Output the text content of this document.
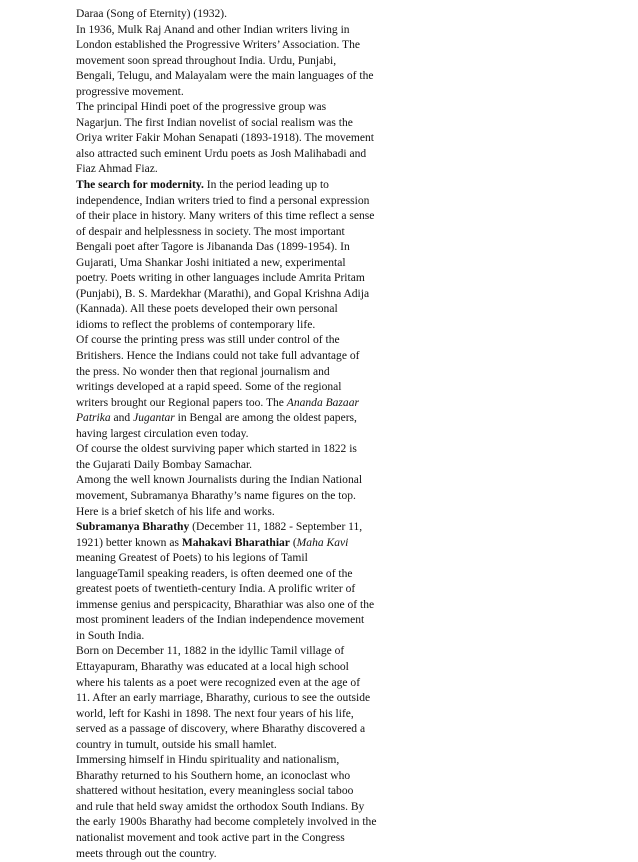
Daraa (Song of Eternity) (1932).
In 1936, Mulk Raj Anand and other Indian writers living in
London established the Progressive Writers’ Association. The
movement soon spread throughout India. Urdu, Punjabi,
Bengali, Telugu, and Malayalam were the main languages of the
progressive movement.
The principal Hindi poet of the progressive group was
Nagarjun. The first Indian novelist of social realism was the
Oriya writer Fakir Mohan Senapati (1893-1918). The movement
also attracted such eminent Urdu poets as Josh Malihabadi and
Fiaz Ahmad Fiaz.
The search for modernity. In the period leading up to
independence, Indian writers tried to find a personal expression
of their place in history. Many writers of this time reflect a sense
of despair and helplessness in society. The most important
Bengali poet after Tagore is Jibananda Das (1899-1954). In
Gujarati, Uma Shankar Joshi initiated a new, experimental
poetry. Poets writing in other languages include Amrita Pritam
(Punjabi), B. S. Mardekhar (Marathi), and Gopal Krishna Adija
(Kannada). All these poets developed their own personal
idioms to reflect the problems of contemporary life.
Of course the printing press was still under control of the
Britishers. Hence the Indians could not take full advantage of
the press. No wonder then that regional journalism and
writings developed at a rapid speed. Some of the regional
writers brought our Regional papers too. The Ananda Bazaar
Patrika and Jugantar in Bengal are among the oldest papers,
having largest circulation even today.
Of course the oldest surviving paper which started in 1822 is
the Gujarati Daily Bombay Samachar.
Among the well known Journalists during the Indian National
movement, Subramanya Bharathy’s name figures on the top.
Here is a brief sketch of his life and works.
Subramanya Bharathy (December 11, 1882 - September 11,
1921) better known as Mahakavi Bharathiar (Maha Kavi
meaning Greatest of Poets) to his legions of Tamil
languageTamil speaking readers, is often deemed one of the
greatest poets of twentieth-century India. A prolific writer of
immense genius and perspicacity, Bharathiar was also one of the
most prominent leaders of the Indian independence movement
in South India.
Born on December 11, 1882 in the idyllic Tamil village of
Ettayapuram, Bharathy was educated at a local high school
where his talents as a poet were recognized even at the age of
11. After an early marriage, Bharathy, curious to see the outside
world, left for Kashi in 1898. The next four years of his life,
served as a passage of discovery, where Bharathy discovered a
country in tumult, outside his small hamlet.
Immersing himself in Hindu spirituality and nationalism,
Bharathy returned to his Southern home, an iconoclast who
shattered without hesitation, every meaningless social taboo
and rule that held sway amidst the orthodox South Indians. By
the early 1900s Bharathy had become completely involved in the
nationalist movement and took active part in the Congress
meets through out the country.
